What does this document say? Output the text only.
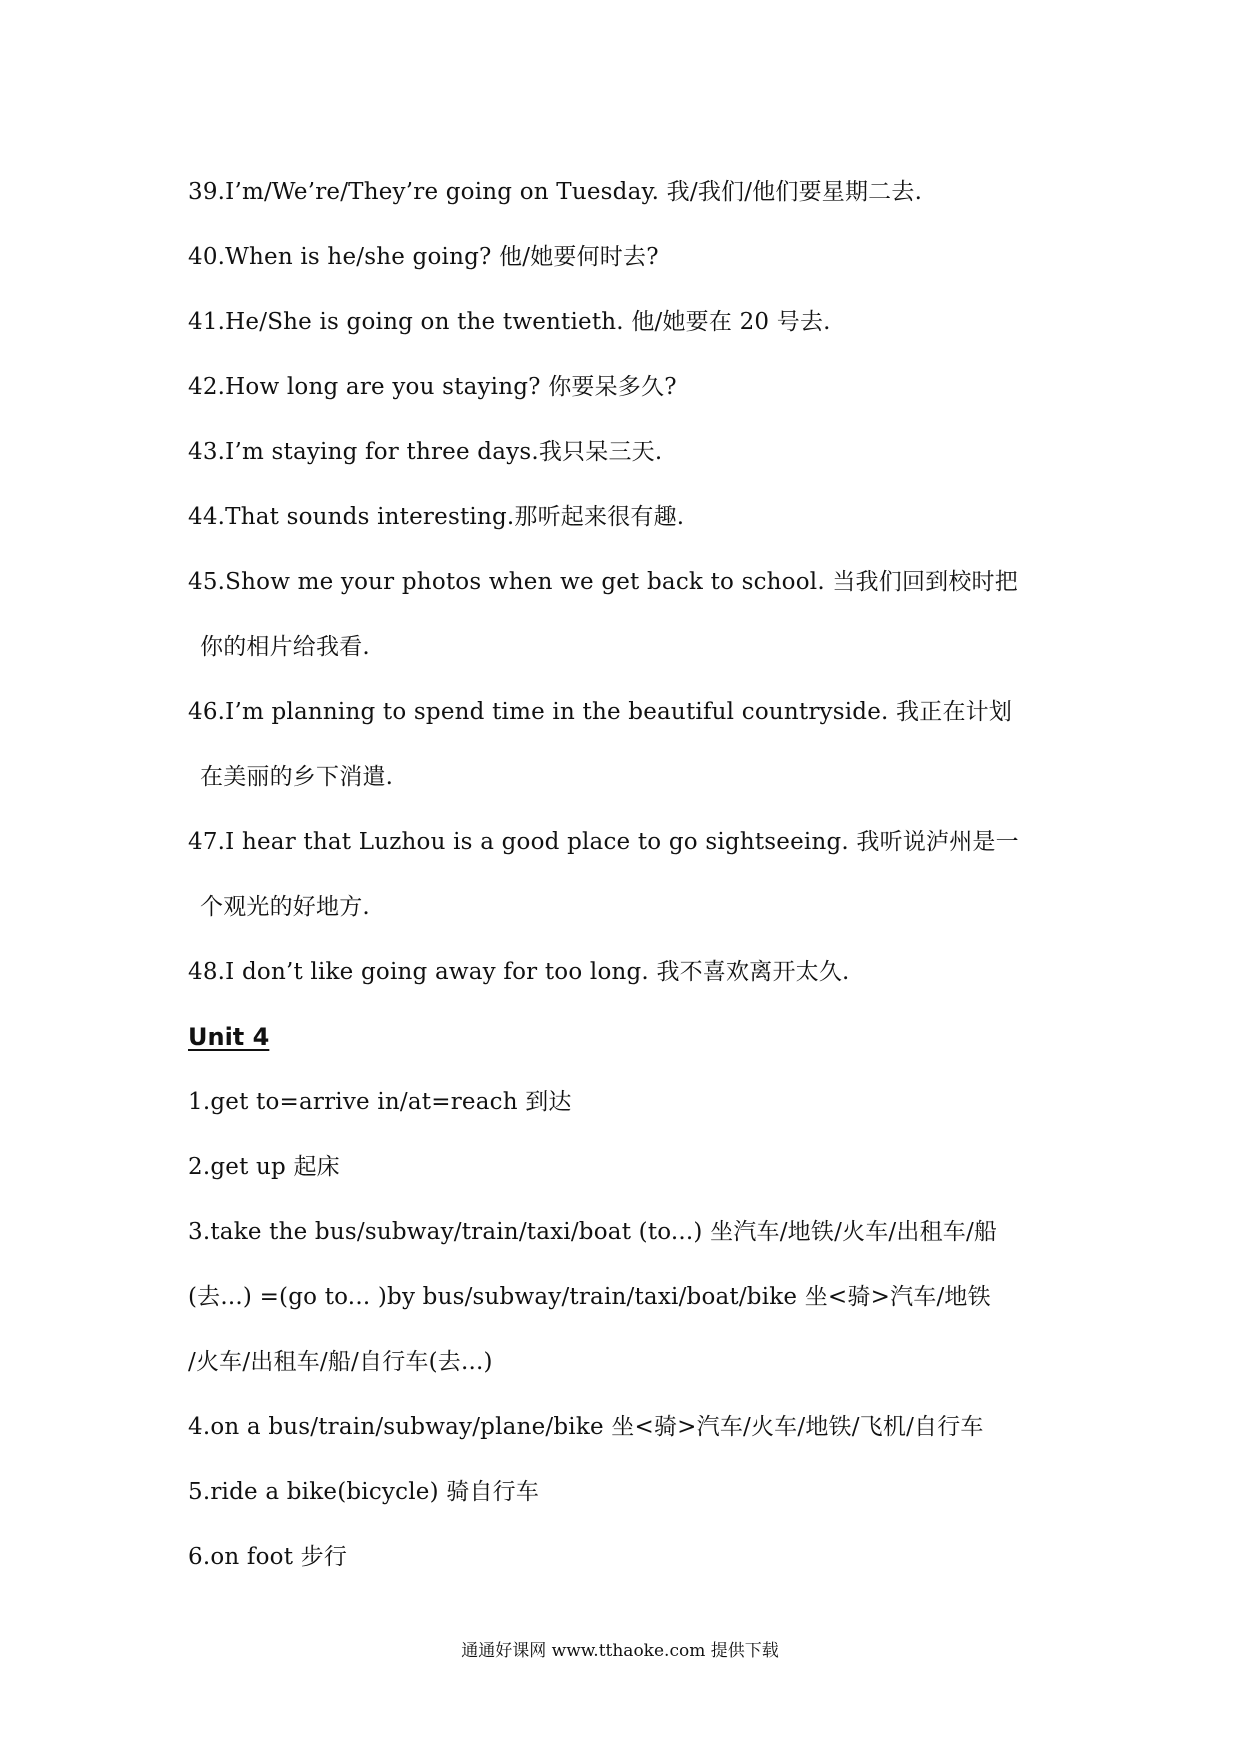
39.I’m/We’re/They’re going on Tuesday. 我/我们/他们要星期二去.
40.When is he/she going? 他/她要何时去?
41.He/She is going on the twentieth. 他/她要在 20 号去.
42.How long are you staying? 你要呆多久?
43.I’m staying for three days.我只呆三天.
44.That sounds interesting.那听起来很有趣.
45.Show me your photos when we get back to school. 当我们回到校时把
你的相片给我看.
46.I’m planning to spend time in the beautiful countryside. 我正在计划
在美丽的乡下消遣.
47.I hear that Luzhou is a good place to go sightseeing. 我听说泸州是一
个观光的好地方.
48.I don’t like going away for too long. 我不喜欢离开太久.
Unit 4
1.get to=arrive in/at=reach 到达
2.get up 起床
3.take the bus/subway/train/taxi/boat (to...) 坐汽车/地铁/火车/出租车/船
(去...) =(go to... )by bus/subway/train/taxi/boat/bike 坐<骑>汽车/地铁
/火车/出租车/船/自行车(去...)
4.on a bus/train/subway/plane/bike 坐<骑>汽车/火车/地铁/飞机/自行车
5.ride a bike(bicycle) 骑自行车
6.on foot 步行
通通好课网 www.tthaoke.com 提供下载
